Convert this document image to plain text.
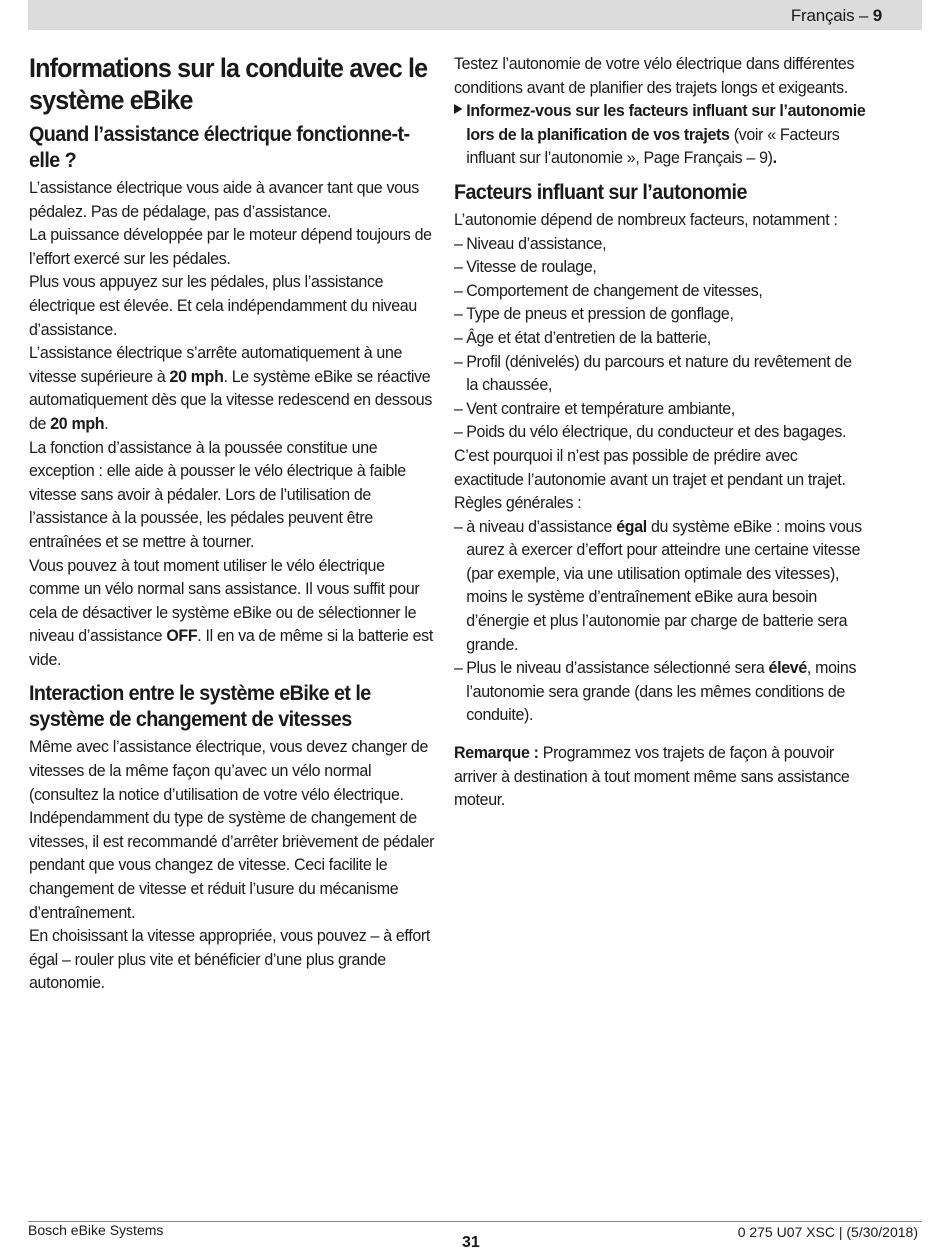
Français – 9
Informations sur la conduite avec le système eBike
Quand l’assistance électrique fonctionne-t-elle ?

L’assistance électrique vous aide à avancer tant que vous pédalez. Pas de pédalage, pas d’assistance.

La puissance développée par le moteur dépend toujours de l’effort exercé sur les pédales.

Plus vous appuyez sur les pédales, plus l’assistance électrique est élevée. Et cela indépendamment du niveau d’assistance.

L’assistance électrique s’arrête automatiquement à une vitesse supérieure à 20 mph. Le système eBike se réactive automatiquement dès que la vitesse redescend en dessous de 20 mph.

La fonction d’assistance à la poussée constitue une exception : elle aide à pousser le vélo électrique à faible vitesse sans avoir à pédaler. Lors de l’utilisation de l’assistance à la poussée, les pédales peuvent être entraînées et se mettre à tourner.

Vous pouvez à tout moment utiliser le vélo électrique comme un vélo normal sans assistance. Il vous suffit pour cela de désactiver le système eBike ou de sélectionner le niveau d’assistance OFF. Il en va de même si la batterie est vide.

Interaction entre le système eBike et le système de changement de vitesses

Même avec l’assistance électrique, vous devez changer de vitesses de la même façon qu’avec un vélo normal (consultez la notice d’utilisation de votre vélo électrique.

Indépendamment du type de système de changement de vitesses, il est recommandé d’arrêter brièvement de pédaler pendant que vous changez de vitesse. Ceci facilite le changement de vitesse et réduit l’usure du mécanisme d’entraînement.

En choisissant la vitesse appropriée, vous pouvez – à effort égal – rouler plus vite et bénéficier d’une plus grande autonomie.

Testez l’autonomie de votre vélo électrique dans différentes conditions avant de planifier des trajets longs et exigeants.

Informez-vous sur les facteurs influant sur l’autonomie lors de la planification de vos trajets (voir « Facteurs influant sur l’autonomie », Page Français – 9).

Facteurs influant sur l’autonomie

L’autonomie dépend de nombreux facteurs, notamment :

– Niveau d’assistance,
– Vitesse de roulage,
– Comportement de changement de vitesses,
– Type de pneus et pression de gonflage,
– Âge et état d’entretien de la batterie,
– Profil (dénivelés) du parcours et nature du revêtement de la chaussée,
– Vent contraire et température ambiante,
– Poids du vélo électrique, du conducteur et des bagages.

C’est pourquoi il n’est pas possible de prédire avec exactitude l’autonomie avant un trajet et pendant un trajet. Règles générales :

– à niveau d’assistance égal du système eBike : moins vous aurez à exercer d’effort pour atteindre une certaine vitesse (par exemple, via une utilisation optimale des vitesses), moins le système d’entraînement eBike aura besoin d’énergie et plus l’autonomie par charge de batterie sera grande.
– Plus le niveau d’assistance sélectionné sera élevé, moins l’autonomie sera grande (dans les mêmes conditions de conduite).

Remarque : Programmez vos trajets de façon à pouvoir arriver à destination à tout moment même sans assistance moteur.

Bosch eBike Systems	0 275 U07 XSC | (5/30/2018)
31
